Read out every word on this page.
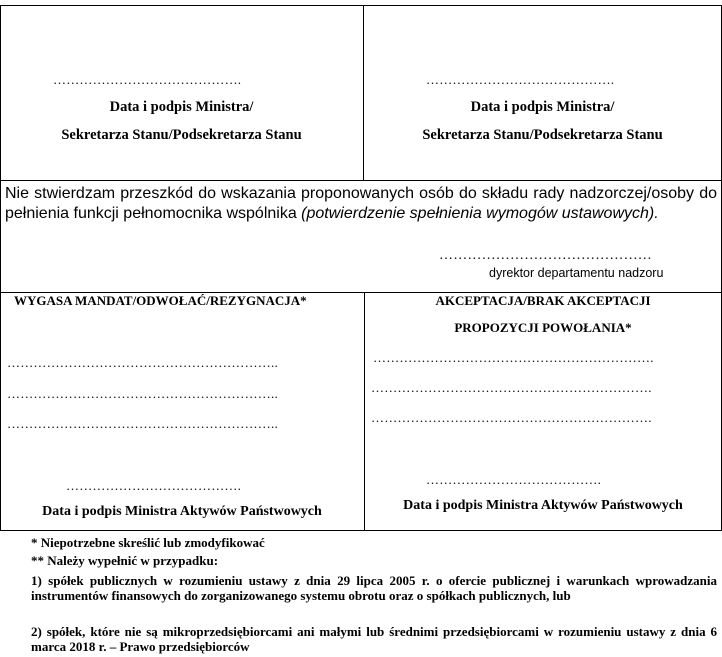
…………………………………….
Data i podpis Ministra/
Sekretarza Stanu/Podsekretarza Stanu
…………………………………….
Data i podpis Ministra/
Sekretarza Stanu/Podsekretarza Stanu
Nie stwierdzam przeszkód do wskazania proponowanych osób do składu rady nadzorczej/osoby do pełnienia funkcji pełnomocnika wspólnika (potwierdzenie spełnienia wymogów ustawowych).
………………………………………
dyrektor departamentu nadzoru
WYGASA MANDAT/ODWOŁAĆ/REZYGNACJA*
……………………………………………………..
……………………………………………………..
……………………………………………………..
………………………………….
Data i podpis Ministra Aktywów Państwowych
AKCEPTACJA/BRAK AKCEPTACJI
PROPOZYCJI POWOŁANIA*
……………………………………………………….
……………………………………………………….
……………………………………………………….
………………………………….
Data i podpis Ministra Aktywów Państwowych
* Niepotrzebne skreślić lub zmodyfikować
** Należy wypełnić w przypadku:
1) spółek publicznych w rozumieniu ustawy z dnia 29 lipca 2005 r. o ofercie publicznej i warunkach wprowadzania instrumentów finansowych do zorganizowanego systemu obrotu oraz o spółkach publicznych, lub
2) spółek, które nie są mikroprzedsiębiorcami ani małymi lub średnimi przedsiębiorcami w rozumieniu ustawy z dnia 6 marca 2018 r. – Prawo przedsiębiorców
